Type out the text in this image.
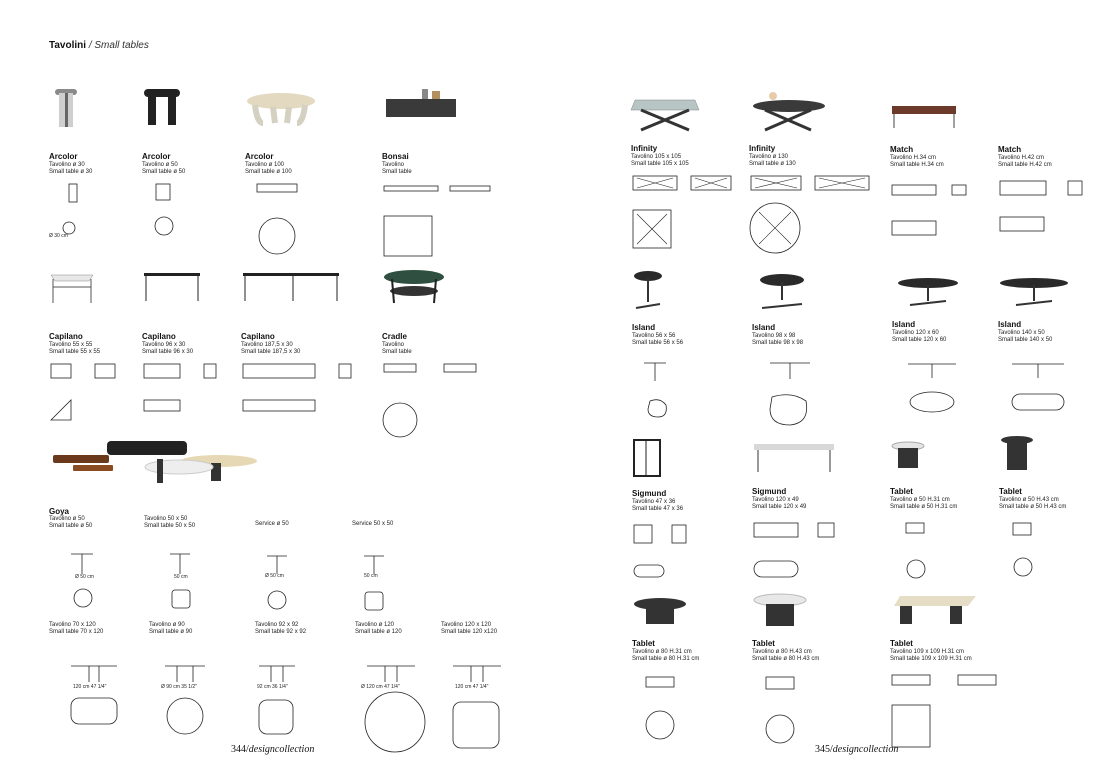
Tavolini / Small tables
Arcolor
Tavolino ø 30
Small table ø 30
Ø 30 cm
Arcolor
Tavolino ø 50
Small table ø 50
Arcolor
Tavolino ø 100
Small table ø 100
Bonsai
Tavolino
Small table
Capilano
Tavolino 55 x 55
Small table 55 x 55
Capilano
Tavolino 96 x 30
Small table 96 x 30
Capilano
Tavolino 187,5 x 30
Small table 187,5 x 30
Cradle
Tavolino
Small table
Goya
Tavolino ø 50
Small table ø 50
Ø 50 cm
Tavolino 50 x 50
Small table 50 x 50
50 cm
Service ø 50
Ø 50 cm
Service 50 x 50
50 cm
Tavolino 70 x 120
Small table 70 x 120
120 cm 47 1/4"
Tavolino ø 90
Small table ø 90
Ø 90 cm 35 1/2"
Tavolino 92 x 92
Small table 92 x 92
92 cm 36 1/4"
Tavolino ø 120
Small table ø 120
Ø 120 cm 47 1/4"
Tavolino 120 x 120
Small table 120 x120
120 cm 47 1/4"
344/designcollection
Infinity
Tavolino 105 x 105
Small table 105 x 105
Infinity
Tavolino ø 130
Small table ø 130
Match
Tavolino H.34 cm
Small table H.34 cm
Match
Tavolino H.42 cm
Small table H.42 cm
Island
Tavolino 56 x 56
Small table 56 x 56
Island
Tavolino 98 x 98
Small table 98 x 98
Island
Tavolino 120 x 60
Small table 120 x 60
Island
Tavolino 140 x 50
Small table 140 x 50
Sigmund
Tavolino 47 x 36
Small table 47 x 36
Sigmund
Tavolino 120 x 49
Small table 120 x 49
Tablet
Tavolino ø 50 H.31 cm
Small table ø 50 H.31 cm
Tablet
Tavolino ø 50 H.43 cm
Small table ø 50 H.43 cm
Tablet
Tavolino ø 80 H.31 cm
Small table ø 80 H.31 cm
Tablet
Tavolino ø 80 H.43 cm
Small table ø 80 H.43 cm
Tablet
Tavolino 109 x 109 H.31 cm
Small table 109 x 109 H.31 cm
345/designcollection
